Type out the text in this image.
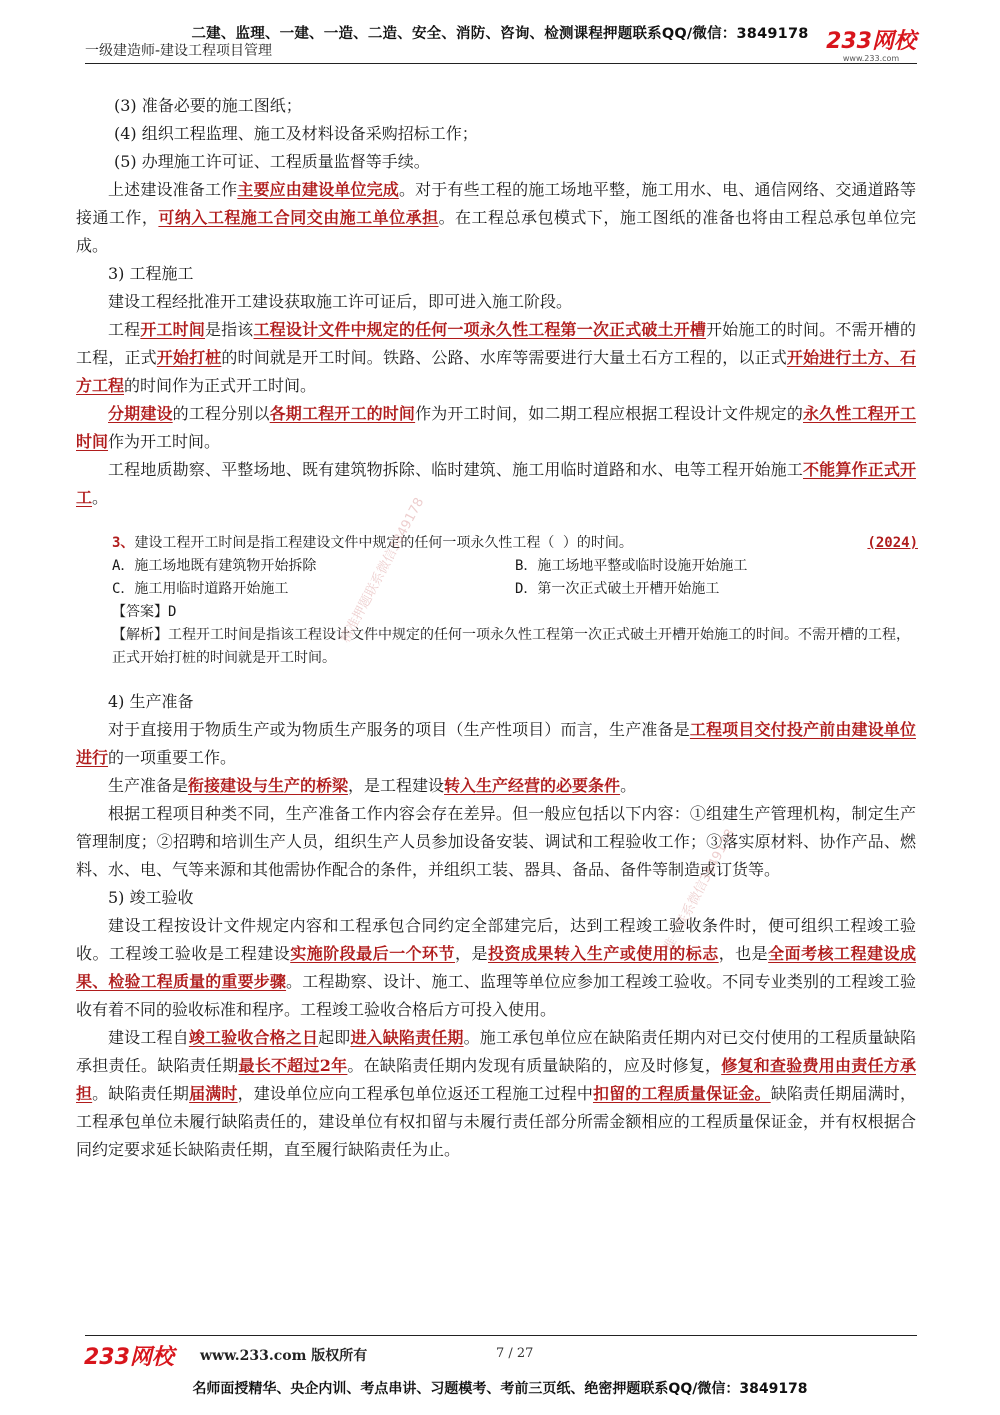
二建、监理、一建、一造、二造、安全、消防、咨询、检测课程押题联系QQ/微信：3849178
一级建造师-建设工程项目管理	233网校
www.233.com

(3) 准备必要的施工图纸；

(4) 组织工程监理、施工及材料设备采购招标工作；

(5) 办理施工许可证、工程质量监督等手续。

上述建设准备工作主要应由建设单位完成。对于有些工程的施工场地平整，施工用水、电、通信网络、交通道路等接通工作，可纳入工程施工合同交由施工单位承担。在工程总承包模式下，施工图纸的准备也将由工程总承包单位完成。

3) 工程施工

建设工程经批准开工建设获取施工许可证后，即可进入施工阶段。

工程开工时间是指该工程设计文件中规定的任何一项永久性工程第一次正式破土开槽开始施工的时间。不需开槽的工程，正式开始打桩的时间就是开工时间。铁路、公路、水库等需要进行大量土石方工程的，以正式开始进行土方、石方工程的时间作为正式开工时间。

分期建设的工程分别以各期工程开工的时间作为开工时间，如二期工程应根据工程设计文件规定的永久性工程开工时间作为开工时间。

工程地质勘察、平整场地、既有建筑物拆除、临时建筑、施工用临时道路和水、电等工程开始施工不能算作正式开工。

3、建设工程开工时间是指工程建设文件中规定的任何一项永久性工程（ ）的时间。	(2024)
A．施工场地既有建筑物开始拆除	B．施工场地平整或临时设施开始施工
C．施工用临时道路开始施工	D．第一次正式破土开槽开始施工
【答案】D
【解析】工程开工时间是指该工程设计文件中规定的任何一项永久性工程第一次正式破土开槽开始施工的时间。不需开槽的工程，正式开始打桩的时间就是开工时间。

4) 生产准备

对于直接用于物质生产或为物质生产服务的项目（生产性项目）而言，生产准备是工程项目交付投产前由建设单位进行的一项重要工作。

生产准备是衔接建设与生产的桥梁，是工程建设转入生产经营的必要条件。

根据工程项目种类不同，生产准备工作内容会存在差异。但一般应包括以下内容：①组建生产管理机构，制定生产管理制度；②招聘和培训生产人员，组织生产人员参加设备安装、调试和工程验收工作；③落实原材料、协作产品、燃料、水、电、气等来源和其他需协作配合的条件，并组织工装、器具、备品、备件等制造或订货等。

5) 竣工验收

建设工程按设计文件规定内容和工程承包合同约定全部建完后，达到工程竣工验收条件时，便可组织工程竣工验收。工程竣工验收是工程建设实施阶段最后一个环节，是投资成果转入生产或使用的标志，也是全面考核工程建设成果、检验工程质量的重要步骤。工程勘察、设计、施工、监理等单位应参加工程竣工验收。不同专业类别的工程竣工验收有着不同的验收标准和程序。工程竣工验收合格后方可投入使用。

建设工程自竣工验收合格之日起即进入缺陷责任期。施工承包单位应在缺陷责任期内对已交付使用的工程质量缺陷承担责任。缺陷责任期最长不超过2年。在缺陷责任期内发现有质量缺陷的，应及时修复，修复和查验费用由责任方承担。缺陷责任期届满时，建设单位应向工程承包单位返还工程施工过程中扣留的工程质量保证金。缺陷责任期届满时，工程承包单位未履行缺陷责任的，建设单位有权扣留与未履行责任部分所需金额相应的工程质量保证金，并有权根据合同约定要求延长缺陷责任期，直至履行缺陷责任为止。

精准押题联系微信3849178
唯一联系微信3849178
233网校 www.233.com 版权所有	7 / 27
名师面授精华、央企内训、考点串讲、习题模考、考前三页纸、绝密押题联系QQ/微信：3849178
